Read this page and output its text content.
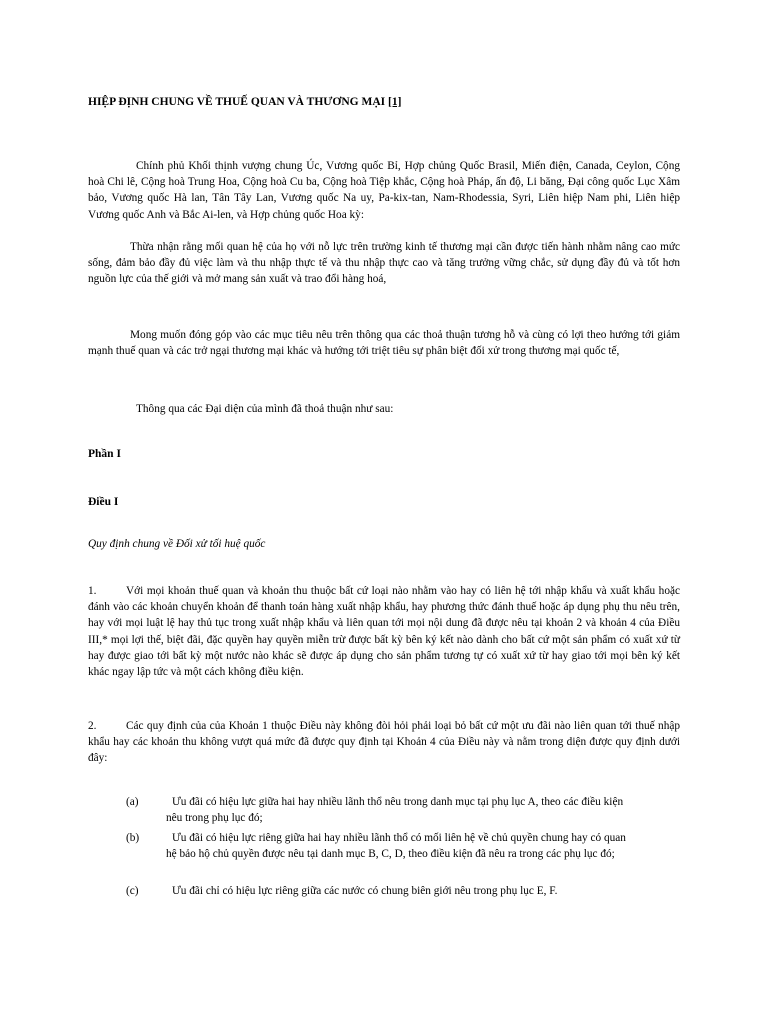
HIỆP ĐỊNH CHUNG VỀ THUẾ QUAN VÀ THƯƠNG MẠI [1]

Chính phủ Khối thịnh vượng chung Úc, Vương quốc Bỉ, Hợp chủng Quốc Brasil, Miến điện, Canada, Ceylon, Cộng hoà Chi lê, Cộng hoà Trung Hoa, Cộng hoà Cu ba, Cộng hoà Tiệp khắc, Cộng hoà Pháp, ấn độ, Li băng, Đại công quốc Lục Xâm bảo, Vương quốc Hà lan, Tân Tây Lan, Vương quốc Na uy, Pa-kix-tan, Nam-Rhodessia, Syri, Liên hiệp Nam phi, Liên hiệp Vương quốc Anh và Bắc Ai-len, và Hợp chủng quốc Hoa kỳ:

Thừa nhận rằng mối quan hệ của họ với nỗ lực trên trường kinh tế thương mại cần được tiến hành nhằm nâng cao mức sống, đảm bảo đầy đủ việc làm và thu nhập thực tế và thu nhập thực cao và tăng trưởng vững chắc, sử dụng đầy đủ và tốt hơn nguồn lực của thế giới và mở mang sản xuất và trao đổi hàng hoá,

Mong muốn đóng góp vào các mục tiêu nêu trên thông qua các thoả thuận tương hỗ và cùng có lợi theo hướng tới giảm mạnh thuế quan và các trở ngại thương mại khác và hướng tới triệt tiêu sự phân biệt đối xử trong thương mại quốc tế,

Thông qua các Đại diện của mình đã thoả thuận như sau:

Phần I

Điều I

Quy định chung về Đối xử tối huệ quốc

1.	Với mọi khoản thuế quan và khoản thu thuộc bất cứ loại nào nhằm vào hay có liên hệ tới nhập khẩu và xuất khẩu hoặc đánh vào các khoản chuyển khoản để thanh toán hàng xuất nhập khẩu, hay phương thức đánh thuế hoặc áp dụng phụ thu nêu trên, hay với mọi luật lệ hay thủ tục trong xuất nhập khẩu và liên quan tới mọi nội dung đã được nêu tại khoản 2 và khoản 4 của Điều III,* mọi lợi thế, biệt đãi, đặc quyền hay quyền miễn trừ được bất kỳ bên ký kết nào dành cho bất cứ một sản phẩm có xuất xứ từ hay được giao tới bất kỳ một nước nào khác sẽ được áp dụng cho sản phẩm tương tự có xuất xứ từ hay giao tới mọi bên ký kết khác ngay lập tức và một cách không điều kiện.

2.	Các quy định của của Khoản 1 thuộc Điều này không đòi hỏi phải loại bỏ bất cứ một ưu đãi nào liên quan tới thuế nhập khẩu hay các khoản thu không vượt quá mức đã được quy định tại Khoản 4 của Điều này và nằm trong diện được quy định dưới đây:

(a)	Ưu đãi có hiệu lực giữa hai hay nhiều lãnh thổ nêu trong danh mục tại phụ lục A, theo các điều kiện
nêu trong phụ lục đó;
(b)	Ưu đãi có hiệu lực riêng giữa hai hay nhiều lãnh thổ có mối liên hệ về chủ quyền chung hay có quan
hệ bảo hộ chủ quyền được nêu tại danh mục B, C, D, theo điều kiện đã nêu ra trong các phụ lục đó;
(c)	Ưu đãi chỉ có hiệu lực riêng giữa các nước có chung biên giới nêu trong phụ lục E, F.
